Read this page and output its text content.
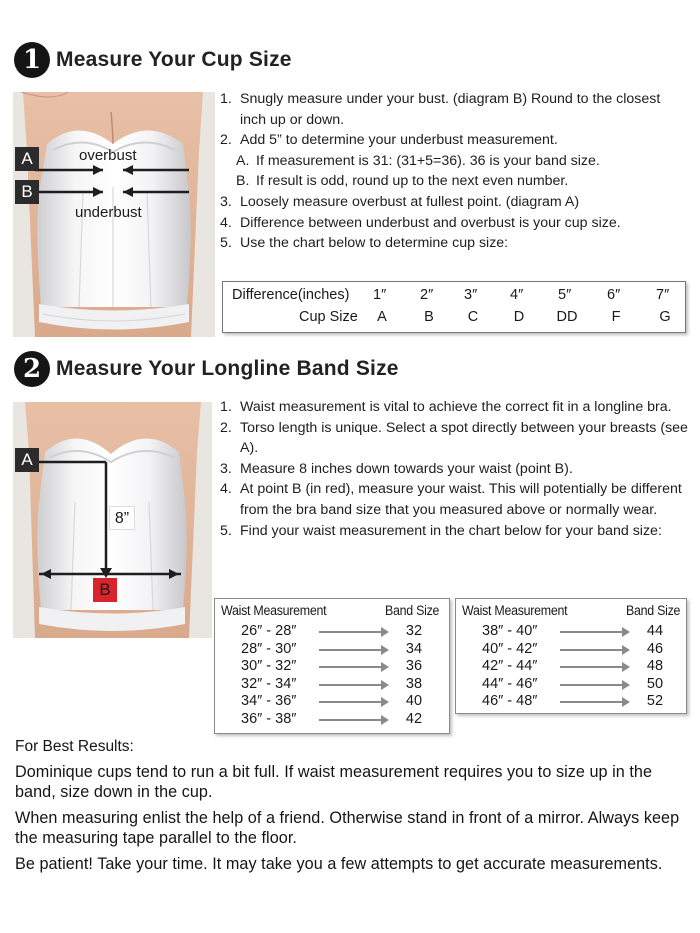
1 Measure Your Cup Size
A
B
overbust
underbust
1. Snugly measure under your bust. (diagram B) Round to the closest inch up or down.
2. Add 5” to determine your underbust measurement.
A. If measurement is 31: (31+5=36). 36 is your band size.
B. If result is odd, round up to the next even number.
3. Loosely measure overbust at fullest point. (diagram A)
4. Difference between underbust and overbust is your cup size.
5. Use the chart below to determine cup size:
Difference(inches) 1″ 2″ 3″ 4″ 5″ 6″ 7″
Cup Size	A	B	C	D	DD	F	G
2 Measure Your Longline Band Size
A
B
8”
1. Waist measurement is vital to achieve the correct fit in a longline bra.
2. Torso length is unique. Select a spot directly between your breasts (see A).
3. Measure 8 inches down towards your waist (point B).
4. At point B (in red), measure your waist. This will potentially be different from the bra band size that you measured above or normally wear.
5. Find your waist measurement in the chart below for your band size:
Waist Measurement	Band Size
26″ - 28″	32
28″ - 30″	34
30″ - 32″	36
32″ - 34″	38
34″ - 36″	40
36″ - 38″	42
Waist Measurement	Band Size
38″ - 40″	44
40″ - 42″	46
42″ - 44″	48
44″ - 46″	50
46″ - 48″	52
For Best Results:

Dominique cups tend to run a bit full. If waist measurement requires you to size up in the band, size down in the cup.

When measuring enlist the help of a friend. Otherwise stand in front of a mirror. Always keep the measuring tape parallel to the floor.

Be patient! Take your time. It may take you a few attempts to get accurate measurements.
